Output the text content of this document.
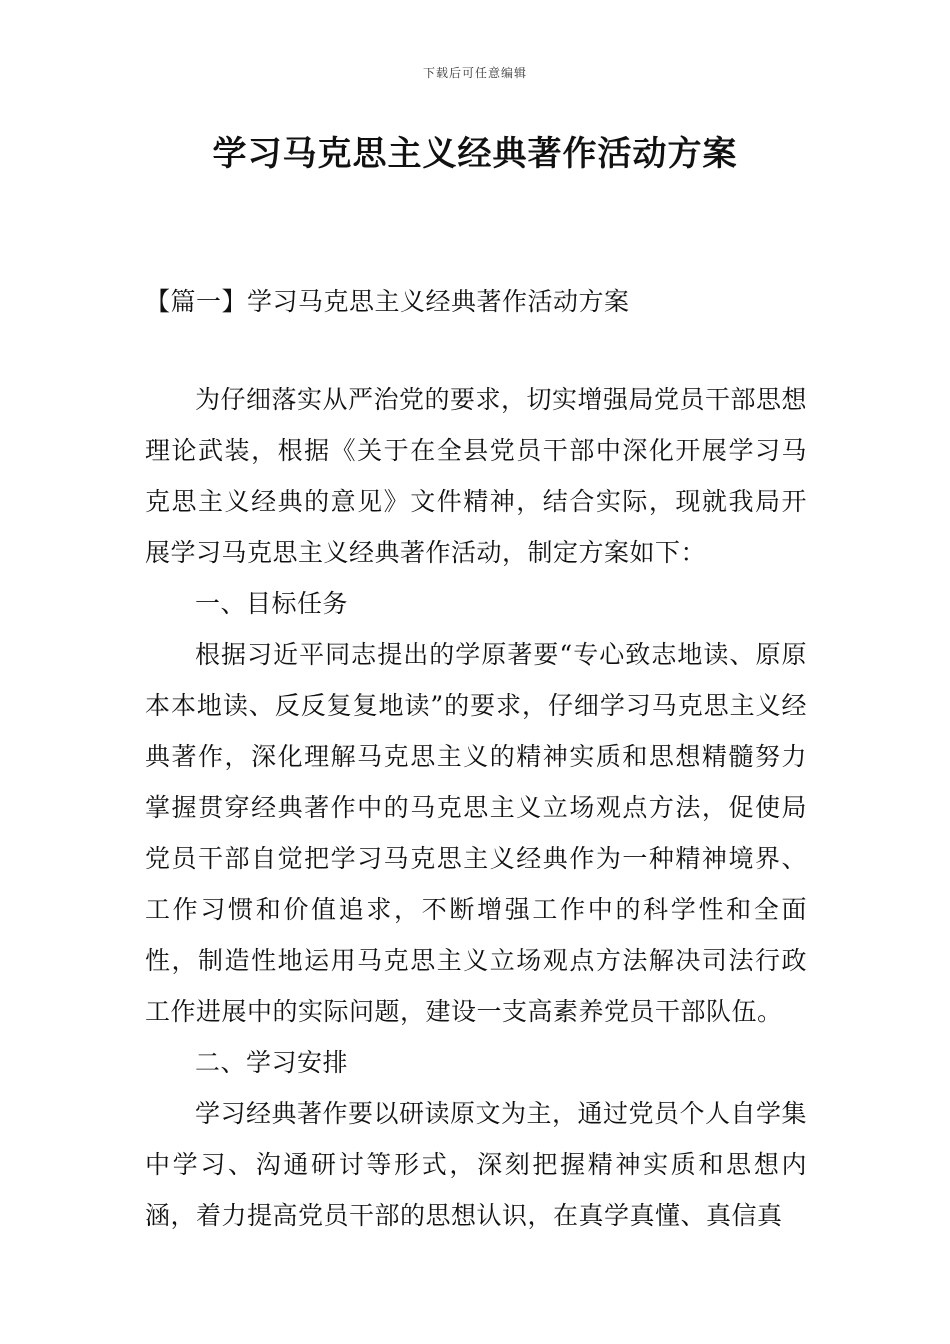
下载后可任意编辑
学习马克思主义经典著作活动方案
【篇一】学习马克思主义经典著作活动方案

为仔细落实从严治党的要求，切实增强局党员干部思想理论武装，根据《关于在全县党员干部中深化开展学习马克思主义经典的意见》文件精神，结合实际，现就我局开展学习马克思主义经典著作活动，制定方案如下：

一、目标任务

根据习近平同志提出的学原著要“专心致志地读、原原本本地读、反反复复地读”的要求，仔细学习马克思主义经典著作，深化理解马克思主义的精神实质和思想精髓努力掌握贯穿经典著作中的马克思主义立场观点方法，促使局党员干部自觉把学习马克思主义经典作为一种精神境界、工作习惯和价值追求，不断增强工作中的科学性和全面性，制造性地运用马克思主义立场观点方法解决司法行政工作进展中的实际问题，建设一支高素养党员干部队伍。

二、学习安排

学习经典著作要以研读原文为主，通过党员个人自学集中学习、沟通研讨等形式，深刻把握精神实质和思想内涵，着力提高党员干部的思想认识，在真学真懂、真信真
